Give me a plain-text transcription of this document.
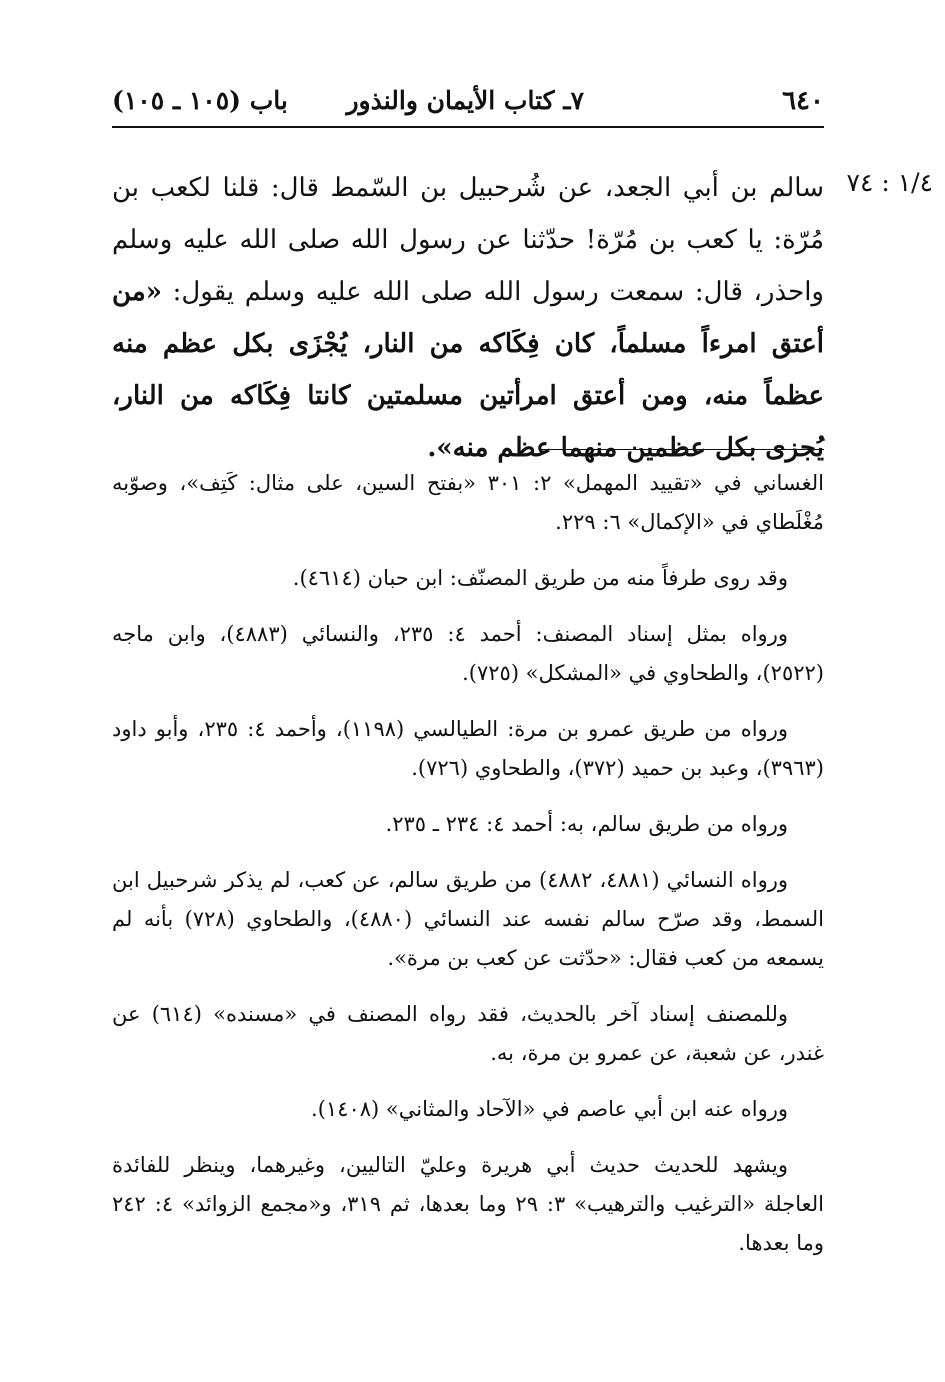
٦٤٠
٧ـ كتاب الأيمان والنذور
باب (١٠٥ ـ ١٠٥)
١/٤ : ٧٤

سالم بن أبي الجعد، عن شُرحبيل بن السّمط قال: قلنا لكعب بن مُرّة: يا كعب بن مُرّة! حدّثنا عن رسول الله صلى الله عليه وسلم واحذر، قال: سمعت رسول الله صلى الله عليه وسلم يقول: «من أعتق امرءاً مسلماً، كان فِكَاكه من النار، يُجْزَى بكل عظم منه عظماً منه، ومن أعتق امرأتين مسلمتين كانتا فِكَاكه من النار، يُجزى بكل عظمين منهما عظم منه».

الغساني في «تقييد المهمل» ٢: ٣٠١ «بفتح السين، على مثال: كَتِف»، وصوّبه مُغْلَطاي في «الإكمال» ٦: ٢٢٩.

وقد روى طرفاً منه من طريق المصنّف: ابن حبان (٤٦١٤).

ورواه بمثل إسناد المصنف: أحمد ٤: ٢٣٥، والنسائي (٤٨٨٣)، وابن ماجه (٢٥٢٢)، والطحاوي في «المشكل» (٧٢٥).

ورواه من طريق عمرو بن مرة: الطيالسي (١١٩٨)، وأحمد ٤: ٢٣٥، وأبو داود (٣٩٦٣)، وعبد بن حميد (٣٧٢)، والطحاوي (٧٢٦).

ورواه من طريق سالم، به: أحمد ٤: ٢٣٤ ـ ٢٣٥.

ورواه النسائي (٤٨٨١، ٤٨٨٢) من طريق سالم، عن كعب، لم يذكر شرحبيل ابن السمط، وقد صرّح سالم نفسه عند النسائي (٤٨٨٠)، والطحاوي (٧٢٨) بأنه لم يسمعه من كعب فقال: «حدّثت عن كعب بن مرة».

وللمصنف إسناد آخر بالحديث، فقد رواه المصنف في «مسنده» (٦١٤) عن غندر، عن شعبة، عن عمرو بن مرة، به.

ورواه عنه ابن أبي عاصم في «الآحاد والمثاني» (١٤٠٨).

ويشهد للحديث حديث أبي هريرة وعليّ التاليين، وغيرهما، وينظر للفائدة العاجلة «الترغيب والترهيب» ٣: ٢٩ وما بعدها، ثم ٣١٩، و«مجمع الزوائد» ٤: ٢٤٢ وما بعدها.
